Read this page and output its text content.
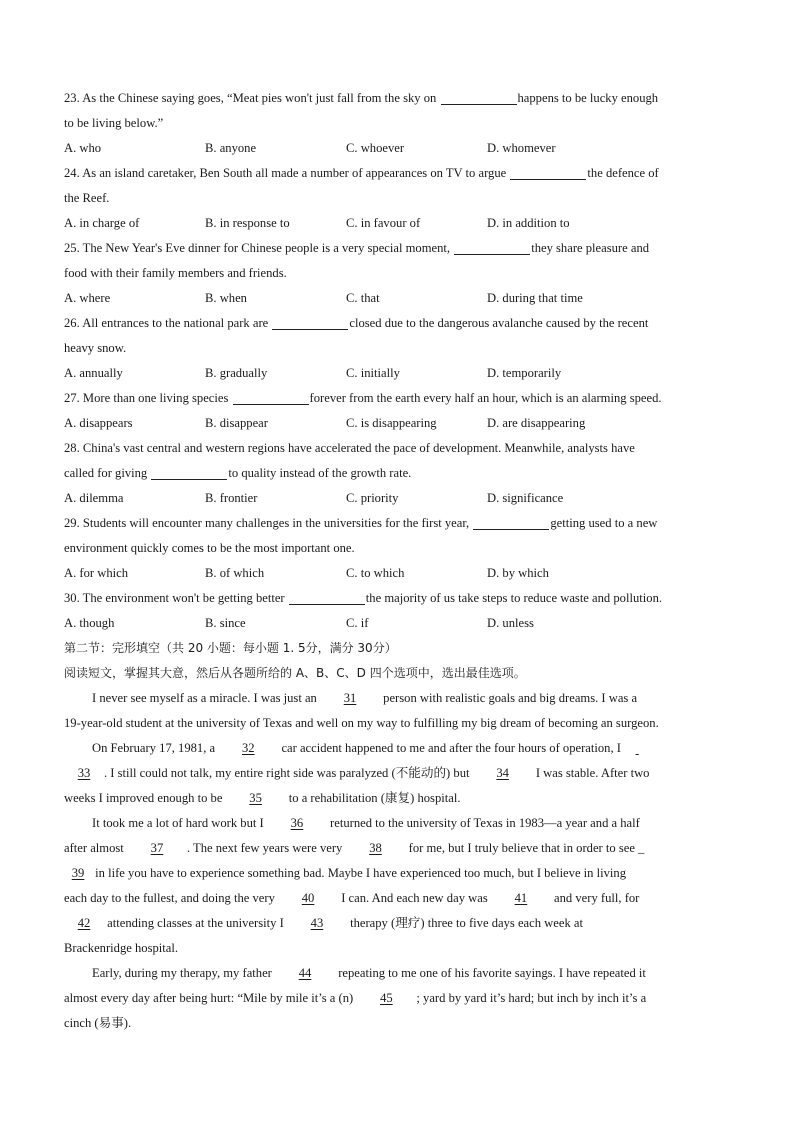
23. As the Chinese saying goes, “Meat pies won't just fall from the sky on	happens to be lucky enough
to be living below.”
A. who	B. anyone	C. whoever	D. whomever
24. As an island caretaker, Ben South all made a number of appearances on TV to argue	the defence of
the Reef.
A. in charge of	B. in response to	C. in favour of	D. in addition to
25. The New Year's Eve dinner for Chinese people is a very special moment,	they share pleasure and
food with their family members and friends.
A. where	B. when	C. that	D. during that time
26. All entrances to the national park are	closed due to the dangerous avalanche caused by the recent
heavy snow.
A. annually	B. gradually	C. initially	D. temporarily
27. More than one living species	forever from the earth every half an hour, which is an alarming speed.
A. disappears	B. disappear	C. is disappearing	D. are disappearing
28. China's vast central and western regions have accelerated the pace of development. Meanwhile, analysts have
called for giving	to quality instead of the growth rate.
A. dilemma	B. frontier	C. priority	D. significance
29. Students will encounter many challenges in the universities for the first year,	getting used to a new
environment quickly comes to be the most important one.
A. for which	B. of which	C. to which	D. by which
30. The environment won't be getting better	the majority of us take steps to reduce waste and pollution.
A. though	B. since	C. if	D. unless
第二节：完形填空（共 20 小题：每小题 1. 5分，满分 30分）
阅读短文，掌握其大意，然后从各题所给的 A、B、C、D 四个选项中，选出最佳选项。
I never see myself as a miracle. I was just an 31 person with realistic goals and big dreams. I was a
19-year-old student at the university of Texas and well on my way to fulfilling my big dream of becoming an surgeon.
On February 17, 1981, a 32 car accident happened to me and after the four hours of operation, I
33 . I still could not talk, my entire right side was paralyzed (不能动的) but 34 I was stable. After two
weeks I improved enough to be 35 to a rehabilitation (康复) hospital.
It took me a lot of hard work but I 36 returned to the university of Texas in 1983—a year and a half
after almost 37 . The next few years were very 38 for me, but I truly believe that in order to see _
39 in life you have to experience something bad. Maybe I have experienced too much, but I believe in living
each day to the fullest, and doing the very 40 I can. And each new day was 41 and very full, for
42 attending classes at the university I 43 therapy (理疗) three to five days each week at
Brackenridge hospital.
Early, during my therapy, my father 44 repeating to me one of his favorite sayings. I have repeated it
almost every day after being hurt: “Mile by mile it’s a (n) 45 ; yard by yard it’s hard; but inch by inch it’s a
cinch (易事).
